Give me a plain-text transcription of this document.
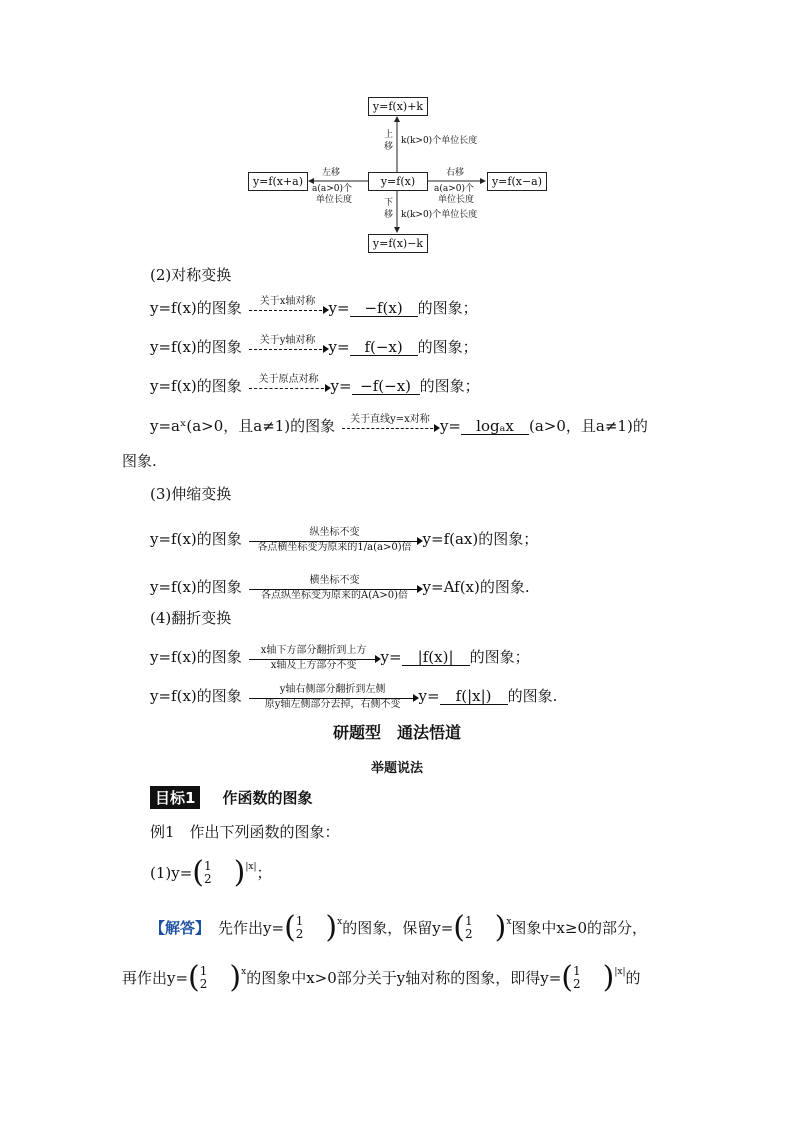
y=f(x)+k
y=f(x)
y=f(x+a)	y=f(x−a)
y=f(x)−k
上
移
k(k>0)个单位长度
下
移 k(k>0)个单位长度
左移
a(a>0)个
单位长度
右移
a(a>0)个
单位长度
(2)对称变换
y=f(x)的图象	关于x轴对称 y= −f(x) 的图象；
y=f(x)的图象	关于y轴对称 y= f(−x) 的图象；
y=f(x)的图象	关于原点对称 y= −f(−x) 的图象；
y=aˣ(a>0，且a≠1)的图象	关于直线y=x对称 y= logₐx (a>0，且a≠1)的
图象.
(3)伸缩变换
y=f(x)的图象	纵坐标不变
各点横坐标变为原来的1/a(a>0)倍 y=f(ax)的图象；
y=f(x)的图象	横坐标不变
各点纵坐标变为原来的A(A>0)倍 y=Af(x)的图象.
(4)翻折变换
y=f(x)的图象	x轴下方部分翻折到上方
x轴及上方部分不变	y= |f(x)| 的图象；
y=f(x)的图象	y轴右侧部分翻折到左侧
原y轴左侧部分去掉，右侧不变	y= f(|x|) 的图象.
研题型　通法悟道
举题说法
目标1	作函数的图象
例1　作出下列函数的图象：
(1)y= ( 1
2 ) |x| ；
【解答】 先作出y= ( 1
2 ) x 的图象，保留y= ( 1
2 ) x 图象中x≥0的部分，
再作出y= ( 1
2 ) x 的图象中x>0部分关于y轴对称的图象，即得y= ( 1
2 ) |x| 的
